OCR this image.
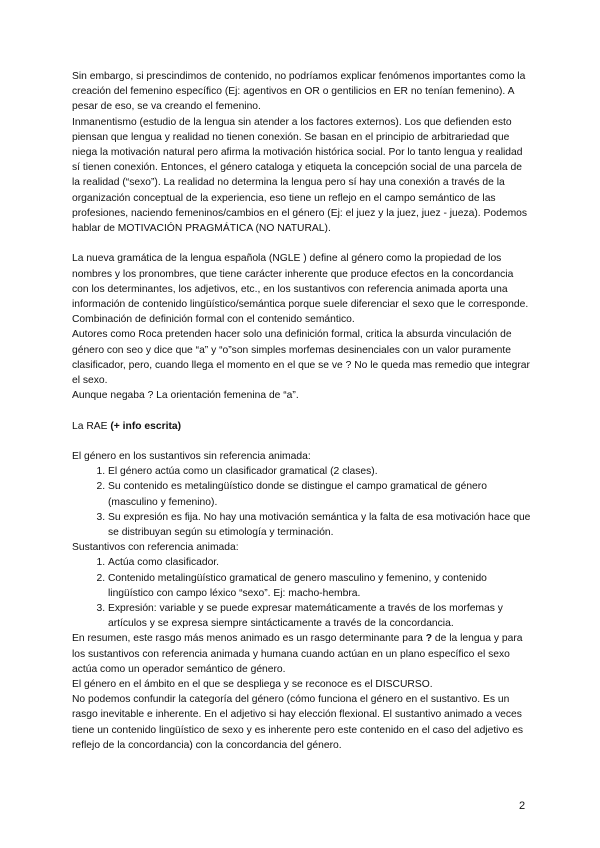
Sin embargo, si prescindimos de contenido, no podríamos explicar fenómenos importantes como la creación del femenino específico (Ej: agentivos en OR o gentilicios en ER no tenían femenino). A pesar de eso, se va creando el femenino.

Inmanentismo (estudio de la lengua sin atender a los factores externos). Los que defienden esto piensan que lengua y realidad no tienen conexión. Se basan en el principio de arbitrariedad que niega la motivación natural pero afirma la motivación histórica social. Por lo tanto lengua y realidad sí tienen conexión. Entonces, el género cataloga y etiqueta la concepción social de una parcela de la realidad (“sexo”). La realidad no determina la lengua pero sí hay una conexión a través de la organización conceptual de la experiencia, eso tiene un reflejo en el campo semántico de las profesiones, naciendo femeninos/cambios en el género (Ej: el juez y la juez, juez - jueza). Podemos hablar de MOTIVACIÓN PRAGMÁTICA (NO NATURAL).

La nueva gramática de la lengua española (NGLE ) define al género como la propiedad de los nombres y los pronombres, que tiene carácter inherente que produce efectos en la concordancia con los determinantes, los adjetivos, etc., en los sustantivos con referencia animada aporta una información de contenido lingüístico/semántica porque suele diferenciar el sexo que le corresponde.

Combinación de definición formal con el contenido semántico.

Autores como Roca pretenden hacer solo una definición formal, critica la absurda vinculación de género con seo y dice que “a” y “o”son simples morfemas desinenciales con un valor puramente clasificador, pero, cuando llega el momento en el que se ve ? No le queda mas remedio que integrar el sexo.

Aunque negaba ? La orientación femenina de “a”.

La RAE (+ info escrita)

El género en los sustantivos sin referencia animada:

1. El género actúa como un clasificador gramatical (2 clases).
2. Su contenido es metalingüístico donde se distingue el campo gramatical de género (masculino y femenino).
3. Su expresión es fija. No hay una motivación semántica y la falta de esa motivación hace que se distribuyan según su etimología y terminación.

Sustantivos con referencia animada:

1. Actúa como clasificador.
2. Contenido metalingüístico gramatical de genero masculino y femenino, y contenido lingüístico con campo léxico “sexo”. Ej: macho-hembra.
3. Expresión: variable y se puede expresar matemáticamente a través de los morfemas y artículos y se expresa siempre sintácticamente a través de la concordancia.

En resumen, este rasgo más menos animado es un rasgo determinante para ? de la lengua y para los sustantivos con referencia animada y humana cuando actúan en un plano específico el sexo actúa como un operador semántico de género.

El género en el ámbito en el que se despliega y se reconoce es el DISCURSO.

No podemos confundir la categoría del género (cómo funciona el género en el sustantivo. Es un rasgo inevitable e inherente. En el adjetivo si hay elección flexional. El sustantivo animado a veces tiene un contenido lingüístico de sexo y es inherente pero este contenido en el caso del adjetivo es reflejo de la concordancia) con la concordancia del género.

2
